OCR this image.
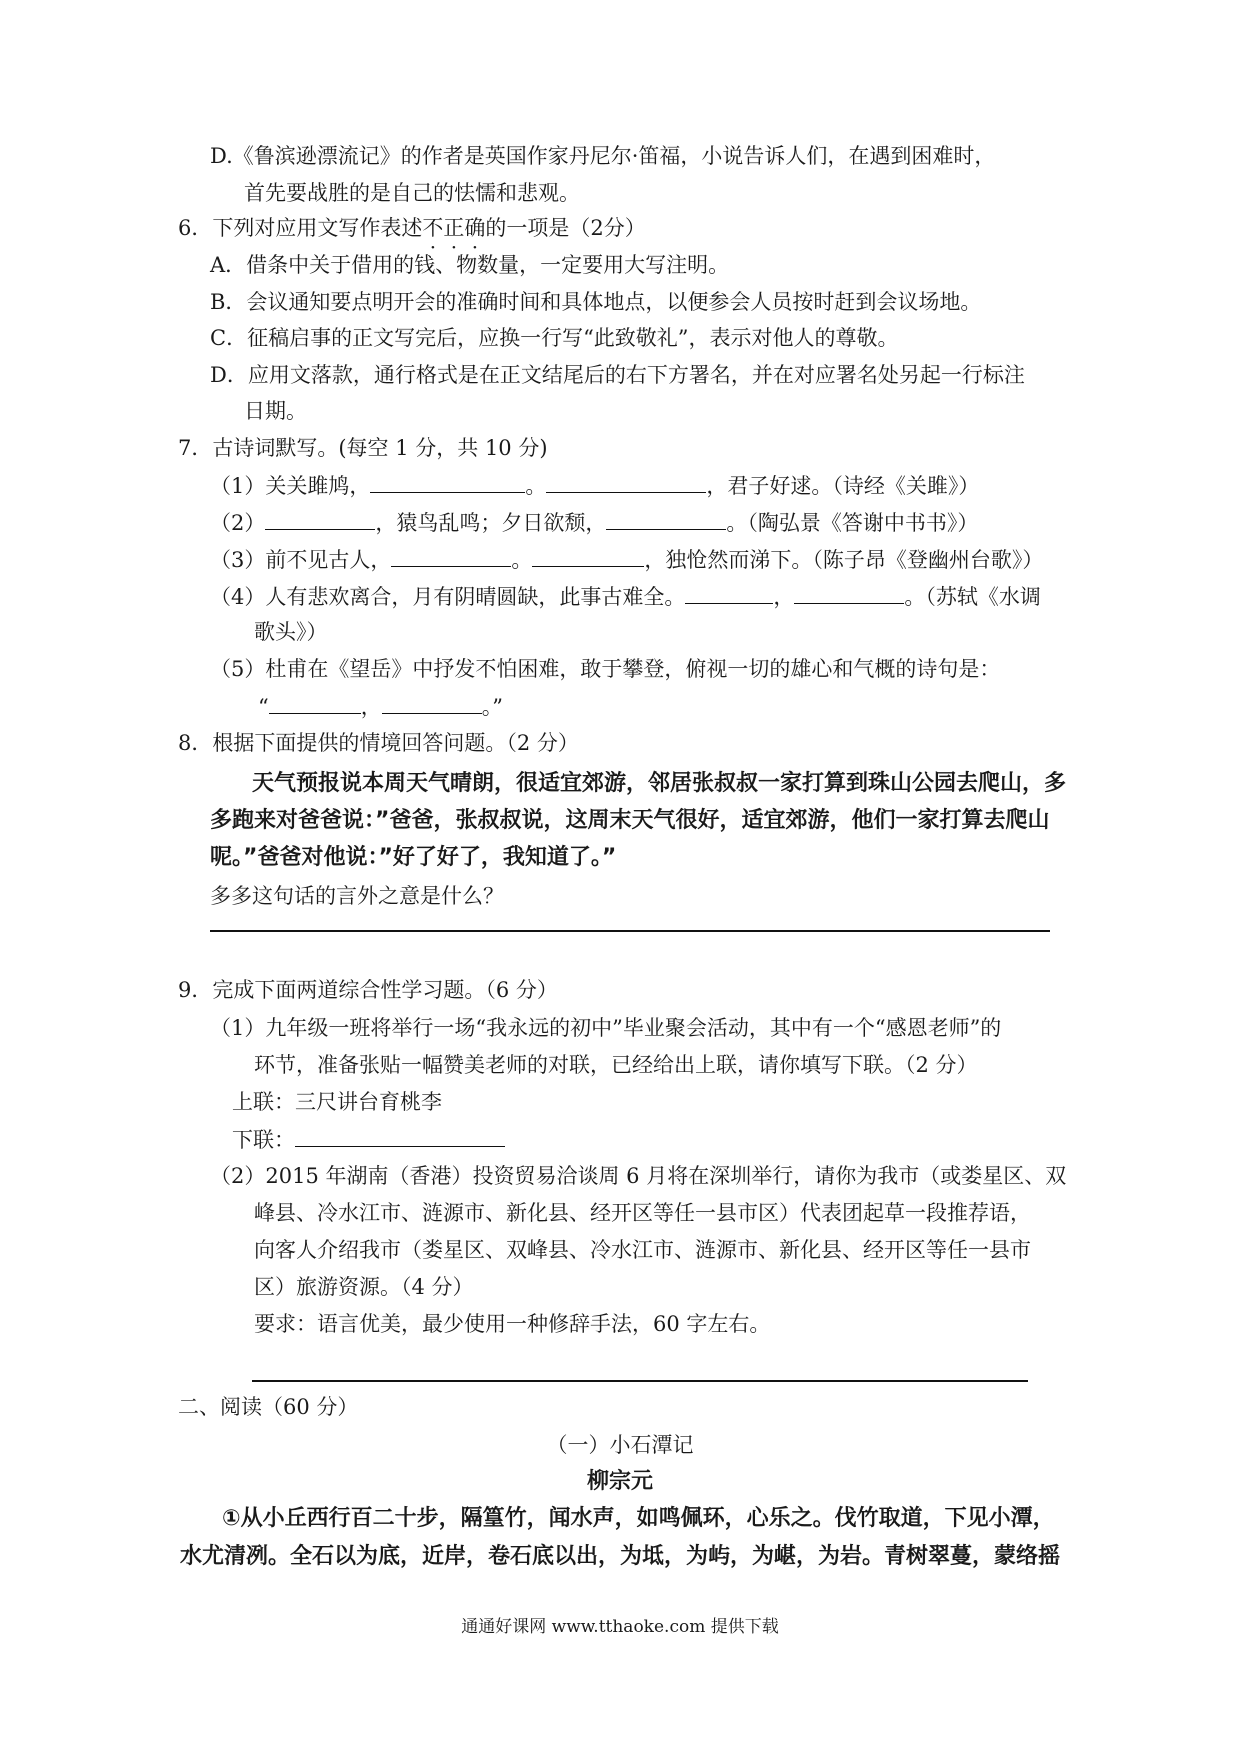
D.《鲁滨逊漂流记》的作者是英国作家丹尼尔·笛福，小说告诉人们，在遇到困难时，
首先要战胜的是自己的怯懦和悲观。
6．下列对应用文写作表述不正确的一项是（2分）
A．借条中关于借用的钱、物数量，一定要用大写注明。
B．会议通知要点明开会的准确时间和具体地点，以便参会人员按时赶到会议场地。
C．征稿启事的正文写完后，应换一行写“此致敬礼”，表示对他人的尊敬。
D．应用文落款，通行格式是在正文结尾后的右下方署名，并在对应署名处另起一行标注
日期。
7．古诗词默写。(每空 1 分，共 10 分)
（1）关关雎鸠，	。	，君子好逑。（诗经《关雎》）
（2）	，猿鸟乱鸣；夕日欲颓，	。（陶弘景《答谢中书书》）
（3）前不见古人，	。	，独怆然而涕下。（陈子昂《登幽州台歌》）
（4）人有悲欢离合，月有阴晴圆缺，此事古难全。	，	。（苏轼《水调
歌头》）
（5）杜甫在《望岳》中抒发不怕困难，敢于攀登，俯视一切的雄心和气概的诗句是：
“	，	。”
8．根据下面提供的情境回答问题。（2 分）
天气预报说本周天气晴朗，很适宜郊游，邻居张叔叔一家打算到珠山公园去爬山，多
多跑来对爸爸说：”爸爸，张叔叔说，这周末天气很好，适宜郊游，他们一家打算去爬山
呢。”爸爸对他说：”好了好了，我知道了。”
多多这句话的言外之意是什么？
9．完成下面两道综合性学习题。（6 分）
（1）九年级一班将举行一场“我永远的初中”毕业聚会活动，其中有一个“感恩老师”的
环节，准备张贴一幅赞美老师的对联，已经给出上联，请你填写下联。（2 分）
上联：三尺讲台育桃李
下联：
（2）2015 年湖南（香港）投资贸易洽谈周 6 月将在深圳举行，请你为我市（或娄星区、双
峰县、冷水江市、涟源市、新化县、经开区等任一县市区）代表团起草一段推荐语，
向客人介绍我市（娄星区、双峰县、冷水江市、涟源市、新化县、经开区等任一县市
区）旅游资源。（4 分）
要求：语言优美，最少使用一种修辞手法，60 字左右。
二、阅读（60 分）
（一）小石潭记
柳宗元
①从小丘西行百二十步，隔篁竹，闻水声，如鸣佩环，心乐之。伐竹取道，下见小潭，
水尤清冽。全石以为底，近岸，卷石底以出，为坻，为屿，为嵁，为岩。青树翠蔓，蒙络摇
通通好课网 www.tthaoke.com 提供下载
